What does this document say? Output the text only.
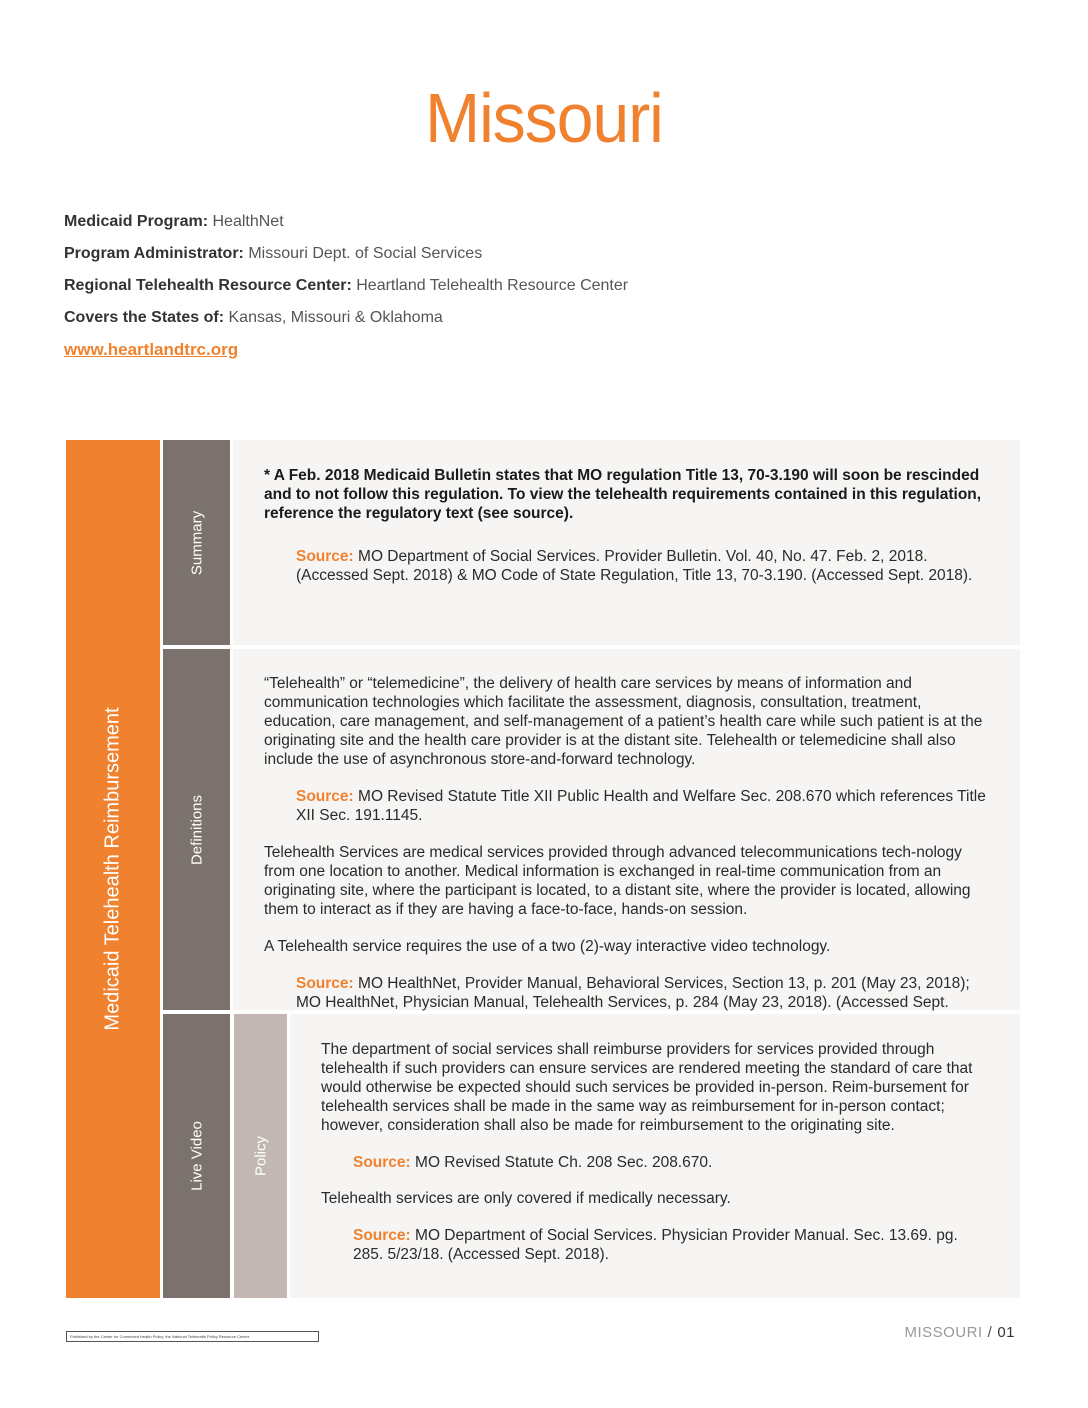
Missouri
Medicaid Program: HealthNet
Program Administrator: Missouri Dept. of Social Services
Regional Telehealth Resource Center: Heartland Telehealth Resource Center
Covers the States of: Kansas, Missouri & Oklahoma
www.heartlandtrc.org
Medicaid Telehealth Reimbursement
Summary

* A Feb. 2018 Medicaid Bulletin states that MO regulation Title 13, 70-3.190 will soon be rescinded and to not follow this regulation. To view the telehealth requirements contained in this regulation, reference the regulatory text (see source).

Source: MO Department of Social Services. Provider Bulletin. Vol. 40, No. 47. Feb. 2, 2018. (Accessed Sept. 2018) & MO Code of State Regulation, Title 13, 70-3.190. (Accessed Sept. 2018).

Definitions

“Telehealth” or “telemedicine”, the delivery of health care services by means of information and communication technologies which facilitate the assessment, diagnosis, consultation, treatment, education, care management, and self-management of a patient’s health care while such patient is at the originating site and the health care provider is at the distant site. Telehealth or telemedicine shall also include the use of asynchronous store-and-forward technology.

Source: MO Revised Statute Title XII Public Health and Welfare Sec. 208.670 which references Title XII Sec. 191.1145.

Telehealth Services are medical services provided through advanced telecommunications tech-nology from one location to another. Medical information is exchanged in real-time communication from an originating site, where the participant is located, to a distant site, where the provider is located, allowing them to interact as if they are having a face-to-face, hands-on session.

A Telehealth service requires the use of a two (2)-way interactive video technology.

Source: MO HealthNet, Provider Manual, Behavioral Services, Section 13, p. 201 (May 23, 2018); MO HealthNet, Physician Manual, Telehealth Services, p. 284 (May 23, 2018). (Accessed Sept.

Live Video	Policy

The department of social services shall reimburse providers for services provided through telehealth if such providers can ensure services are rendered meeting the standard of care that would otherwise be expected should such services be provided in-person. Reim-bursement for telehealth services shall be made in the same way as reimbursement for in-person contact; however, consideration shall also be made for reimbursement to the originating site.

Source: MO Revised Statute Ch. 208 Sec. 208.670.

Telehealth services are only covered if medically necessary.

Source: MO Department of Social Services. Physician Provider Manual. Sec. 13.69. pg. 285. 5/23/18. (Accessed Sept. 2018).

Published by the Center for Connected Health Policy, the National Telehealth Policy Resource Center.	MISSOURI / 01
